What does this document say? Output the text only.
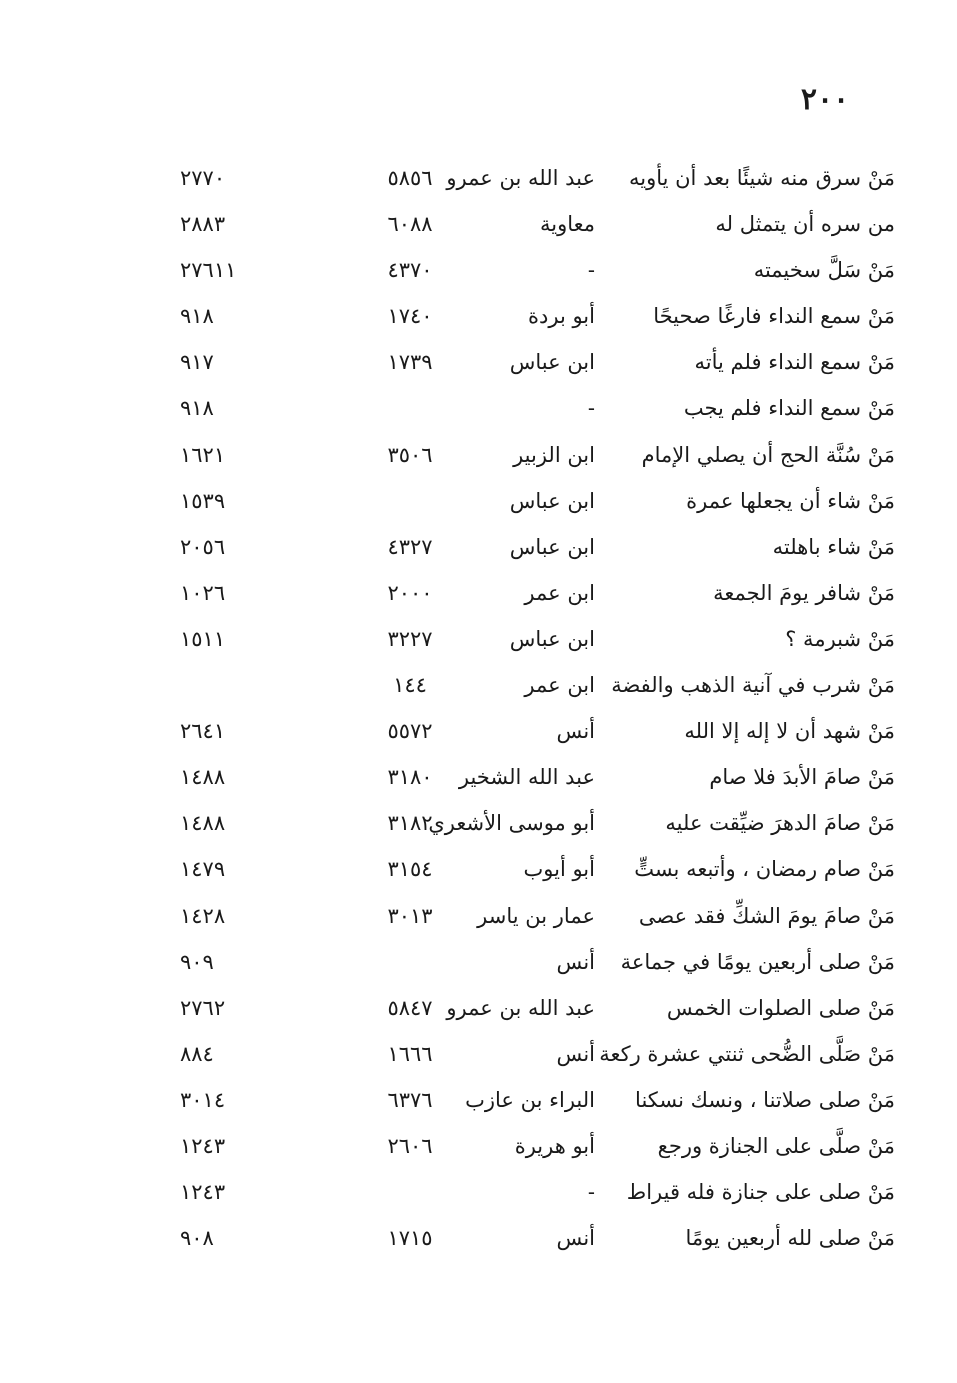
٢٠٠
مَنْ سرق منه شيئًا بعد أن يأويه
عبد الله بن عمرو
٥٨٥٦
٢٧٧٠
من سره أن يتمثل له
معاوية
٦٠٨٨
٢٨٨٣
مَنْ سَلَّ سخيمته
-
٤٣٧٠
٢٧٦١١
مَنْ سمع النداء فارغًا صحيحًا
أبو بردة
١٧٤٠
٩١٨
مَنْ سمع النداء فلم يأته
ابن عباس
١٧٣٩
٩١٧
مَنْ سمع النداء فلم يجب
-
٩١٨
مَنْ سُنَّة الحج أن يصلي الإمام
ابن الزبير
٣٥٠٦
١٦٢١
مَنْ شاء أن يجعلها عمرة
ابن عباس
١٥٣٩
مَنْ شاء باهلته
ابن عباس
٤٣٢٧
٢٠٥٦
مَنْ شافر يومَ الجمعة
ابن عمر
٢٠٠٠
١٠٢٦
مَنْ شبرمة ؟
ابن عباس
٣٢٢٧
١٥١١
مَنْ شرب في آنية الذهب والفضة
ابن عمر
١٤٤
مَنْ شهد أن لا إله إلا الله
أنس
٥٥٧٢
٢٦٤١
مَنْ صامَ الأبدَ فلا صام
عبد الله الشخير
٣١٨٠
١٤٨٨
مَنْ صامَ الدهرَ ضيِّقت عليه
أبو موسى الأشعري
٣١٨٢
١٤٨٨
مَنْ صام رمضان ، وأتبعه بستٍّ
أبو أيوب
٣١٥٤
١٤٧٩
مَنْ صامَ يومَ الشكِّ فقد عصى
عمار بن ياسر
٣٠١٣
١٤٢٨
مَنْ صلى أربعين يومًا في جماعة
أنس
٩٠٩
مَنْ صلى الصلوات الخمس
عبد الله بن عمرو
٥٨٤٧
٢٧٦٢
مَنْ صَلَّى الضُّحى ثنتي عشرة ركعة
أنس
١٦٦٦
٨٨٤
مَنْ صلى صلاتنا ، ونسك نسكنا
البراء بن عازب
٦٣٧٦
٣٠١٤
مَنْ صلَّى على الجنازة ورجع
أبو هريرة
٢٦٠٦
١٢٤٣
مَنْ صلى على جنازة فله قيراط
-
١٢٤٣
مَنْ صلى لله أربعين يومًا
أنس
١٧١٥
٩٠٨
